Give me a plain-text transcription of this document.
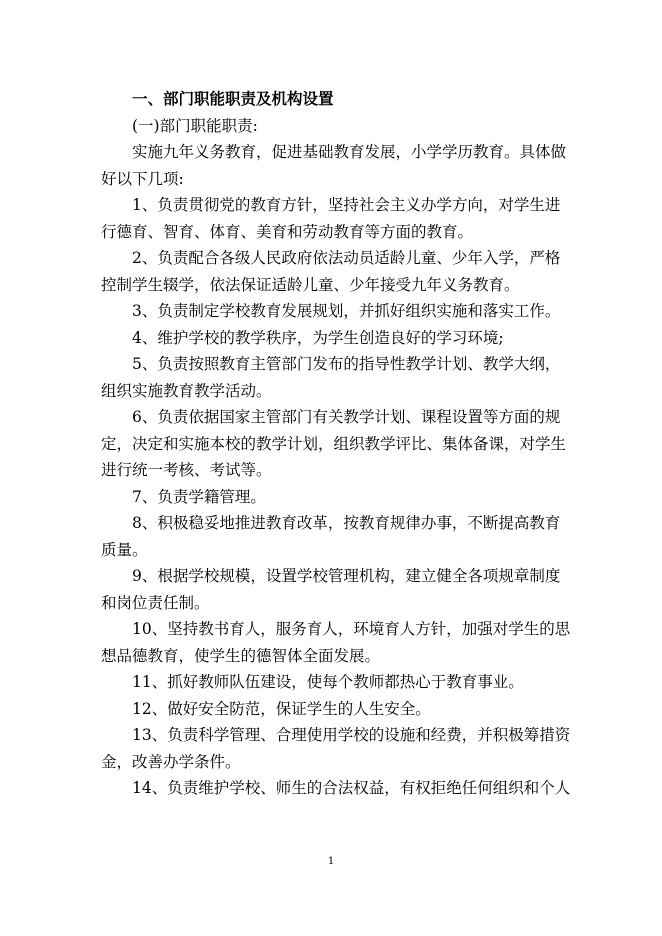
一、部门职能职责及机构设置

(一)部门职能职责:

实施九年义务教育，促进基础教育发展，小学学历教育。具体做
好以下几项:

1、负责贯彻党的教育方针，坚持社会主义办学方向，对学生进
行德育、智育、体育、美育和劳动教育等方面的教育。

2、负责配合各级人民政府依法动员适龄儿童、少年入学，严格
控制学生辍学，依法保证适龄儿童、少年接受九年义务教育。

3、负责制定学校教育发展规划，并抓好组织实施和落实工作。

4、维护学校的教学秩序，为学生创造良好的学习环境;

5、负责按照教育主管部门发布的指导性教学计划、教学大纲，
组织实施教育教学活动。

6、负责依据国家主管部门有关教学计划、课程设置等方面的规
定，决定和实施本校的教学计划，组织教学评比、集体备课，对学生
进行统一考核、考试等。

7、负责学籍管理。

8、积极稳妥地推进教育改革，按教育规律办事，不断提高教育
质量。

9、根据学校规模，设置学校管理机构，建立健全各项规章制度
和岗位责任制。

10、坚持教书育人，服务育人，环境育人方针，加强对学生的思
想品德教育，使学生的德智体全面发展。

11、抓好教师队伍建设，使每个教师都热心于教育事业。

12、做好安全防范，保证学生的人生安全。

13、负责科学管理、合理使用学校的设施和经费，并积极筹措资
金，改善办学条件。

14、负责维护学校、师生的合法权益，有权拒绝任何组织和个人

1
